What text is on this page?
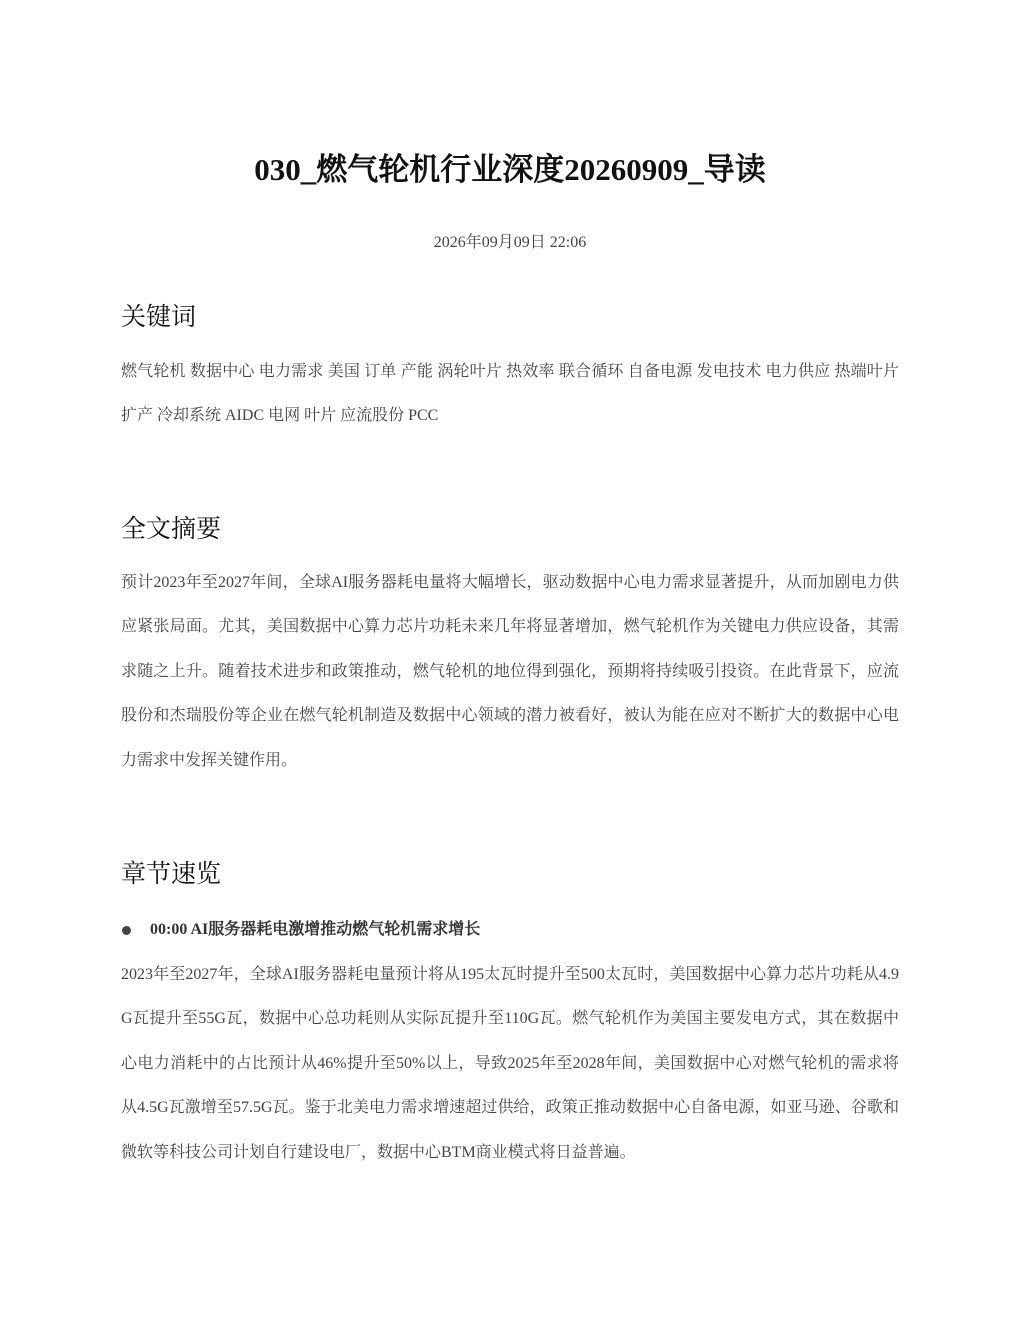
030_燃气轮机行业深度20260909_导读
2026年09月09日 22:06
关键词

燃气轮机 数据中心 电力需求 美国 订单 产能 涡轮叶片 热效率 联合循环 自备电源 发电技术 电力供应 热端叶片 扩产 冷却系统 AIDC 电网 叶片 应流股份 PCC

全文摘要

预计2023年至2027年间，全球AI服务器耗电量将大幅增长，驱动数据中心电力需求显著提升，从而加剧电力供应紧张局面。尤其，美国数据中心算力芯片功耗未来几年将显著增加，燃气轮机作为关键电力供应设备，其需求随之上升。随着技术进步和政策推动，燃气轮机的地位得到强化，预期将持续吸引投资。在此背景下，应流股份和杰瑞股份等企业在燃气轮机制造及数据中心领域的潜力被看好，被认为能在应对不断扩大的数据中心电力需求中发挥关键作用。

章节速览
00:00 AI服务器耗电激增推动燃气轮机需求增长

2023年至2027年，全球AI服务器耗电量预计将从195太瓦时提升至500太瓦时，美国数据中心算力芯片功耗从4.9G瓦提升至55G瓦，数据中心总功耗则从实际瓦提升至110G瓦。燃气轮机作为美国主要发电方式，其在数据中心电力消耗中的占比预计从46%提升至50%以上，导致2025年至2028年间，美国数据中心对燃气轮机的需求将从4.5G瓦激增至57.5G瓦。鉴于北美电力需求增速超过供给，政策正推动数据中心自备电源，如亚马逊、谷歌和微软等科技公司计划自行建设电厂，数据中心BTM商业模式将日益普遍。
